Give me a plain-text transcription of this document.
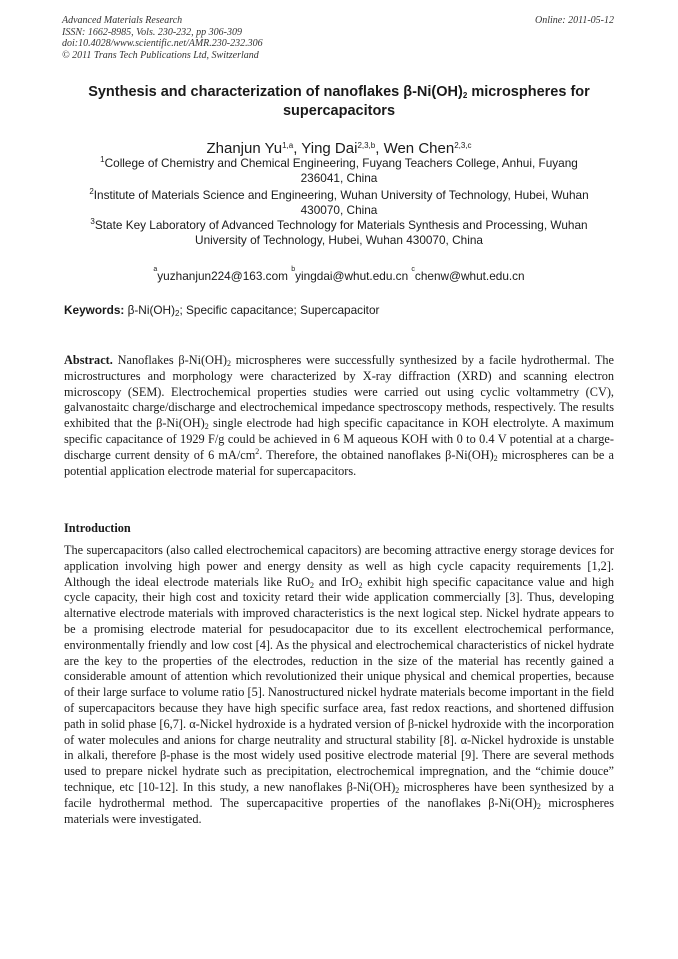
Advanced Materials Research
ISSN: 1662-8985, Vols. 230-232, pp 306-309
doi:10.4028/www.scientific.net/AMR.230-232.306
© 2011 Trans Tech Publications Ltd, Switzerland
Online: 2011-05-12
Synthesis and characterization of nanoflakes $\beta-Ni(OH)_2$ microspheres for supercapacitors
Zhanjun Yu$^{1,a}$, Ying Dai$^{2,3,b}$, Wen Chen$^{2,3,c}$
$^1$College of Chemistry and Chemical Engineering, Fuyang Teachers College, Anhui, Fuyang
236041, China
$^2$Institute of Materials Science and Engineering, Wuhan University of Technology, Hubei, Wuhan
430070, China
$^3$State Key Laboratory of Advanced Technology for Materials Synthesis and Processing, Wuhan
University of Technology, Hubei, Wuhan 430070, China
$^a$yuzhanjun224@163.com $^b$yingdai@whut.edu.cn $^c$chenw@whut.edu.cn
Keywords: $\beta-Ni(OH)_2$; Specific capacitance; Supercapacitor
Abstract. Nanoflakes $\beta-Ni(OH)_2$ microspheres were successfully synthesized by a facile hydrothermal. The microstructures and morphology were characterized by X-ray diffraction (XRD) and scanning electron microscopy (SEM). Electrochemical properties studies were carried out using cyclic voltammetry (CV), galvanostaitc charge/discharge and electrochemical impedance spectroscopy methods, respectively. The results exhibited that the $\beta-Ni(OH)_2$ single electrode had high specific capacitance in KOH electrolyte. A maximum specific capacitance of 1929 F/g could be achieved in 6 M aqueous KOH with 0 to 0.4 V potential at a charge-discharge current density of 6 $mA/cm^2$. Therefore, the obtained nanoflakes $\beta-Ni(OH)_2$ microspheres can be a potential application electrode material for supercapacitors.
Introduction
The supercapacitors (also called electrochemical capacitors) are becoming attractive energy storage devices for application involving high power and energy density as well as high cycle capacity requirements [1,2]. Although the ideal electrode materials like RuO$_2$ and IrO$_2$ exhibit high specific capacitance value and high cycle capacity, their high cost and toxicity retard their wide application commercially [3]. Thus, developing alternative electrode materials with improved characteristics is the next logical step. Nickel hydrate appears to be a promising electrode material for pesudocapacitor due to its excellent electrochemical performance, environmentally friendly and low cost [4]. As the physical and electrochemical characteristics of nickel hydrate are the key to the properties of the electrodes, reduction in the size of the material has recently gained a considerable amount of attention which revolutionized their unique physical and chemical properties, because of their large surface to volume ratio [5]. Nanostructured nickel hydrate materials become important in the field of supercapacitors because they have high specific surface area, fast redox reactions, and shortened diffusion path in solid phase [6,7]. α-Nickel hydroxide is a hydrated version of β-nickel hydroxide with the incorporation of water molecules and anions for charge neutrality and structural stability [8]. α-Nickel hydroxide is unstable in alkali, therefore β-phase is the most widely used positive electrode material [9]. There are several methods used to prepare nickel hydrate such as precipitation, electrochemical impregnation, and the “chimie douce” technique, etc [10-12]. In this study, a new nanoflakes $\beta-Ni(OH)_2$ microspheres have been synthesized by a facile hydrothermal method. The supercapacitive properties of the nanoflakes $\beta-Ni(OH)_2$ microspheres materials were investigated.
